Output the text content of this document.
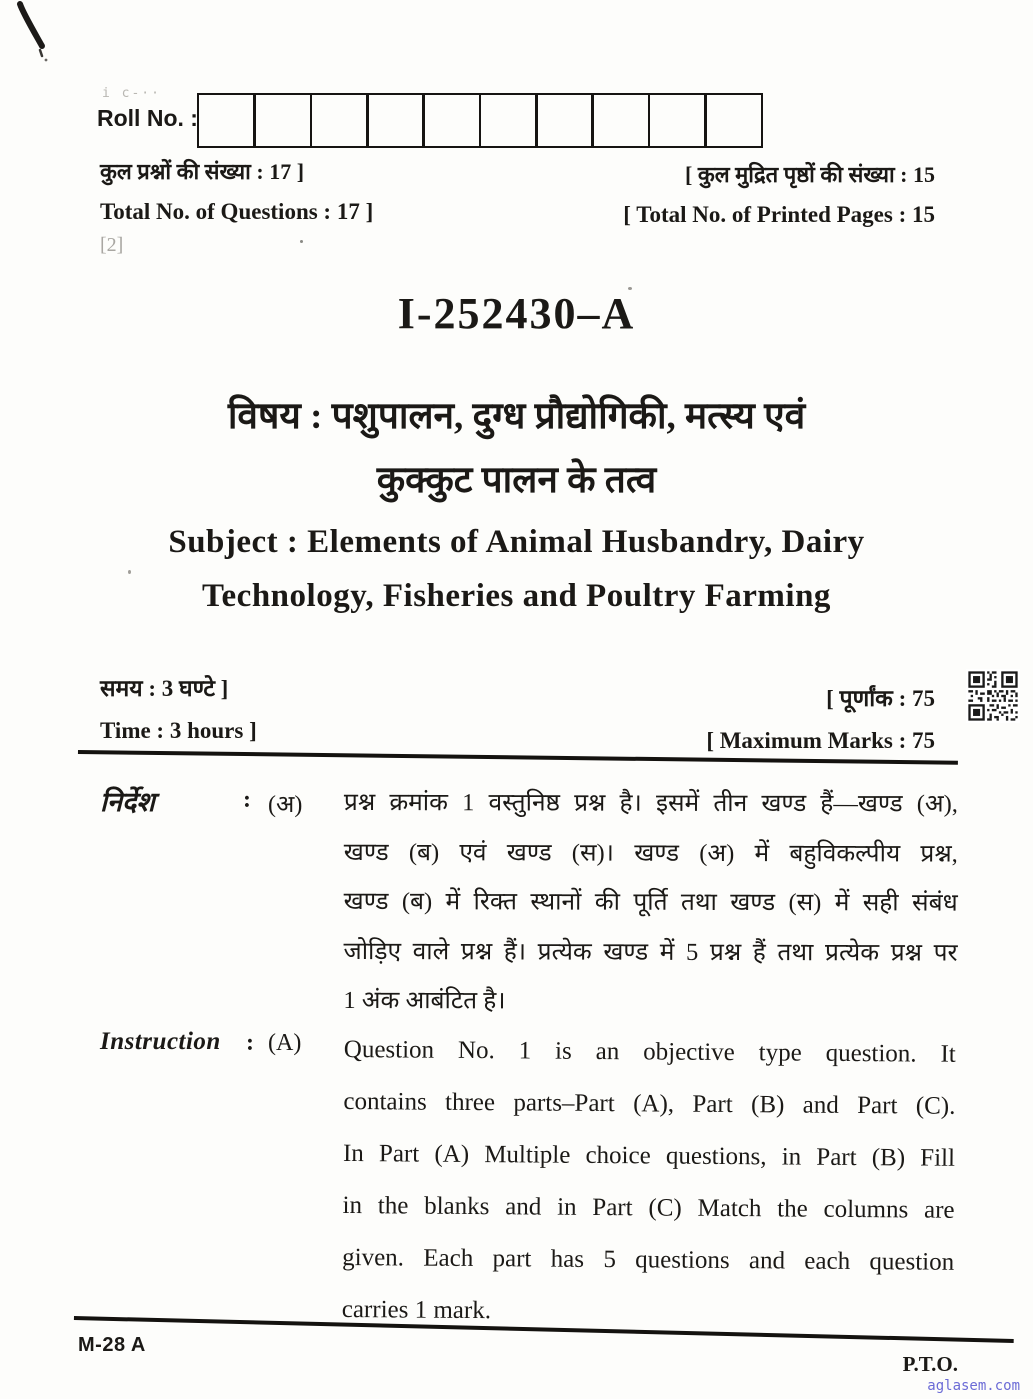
i c-··
Roll No. :
कुल प्रश्नों की संख्या : 17 ]
Total No. of Questions : 17 ]
[2]
[ कुल मुद्रित पृष्ठों की संख्या : 15
[ Total No. of Printed Pages : 15
I-252430–A
विषय : पशुपालन, दुग्ध प्रौद्योगिकी, मत्स्य एवं
कुक्कुट पालन के तत्व
Subject : Elements of Animal Husbandry, Dairy
Technology, Fisheries and Poultry Farming
समय : 3 घण्टे ]
Time : 3 hours ]
[ पूर्णांक : 75
[ Maximum Marks : 75
निर्देश	: (अ) प्रश्न क्रमांक 1 वस्तुनिष्ठ प्रश्न है। इसमें तीन खण्ड हैं—खण्ड (अ),
खण्ड (ब) एवं खण्ड (स)। खण्ड (अ) में बहुविकल्पीय प्रश्न,
खण्ड (ब) में रिक्त स्थानों की पूर्ति तथा खण्ड (स) में सही संबंध
जोड़िए वाले प्रश्न हैं। प्रत्येक खण्ड में 5 प्रश्न हैं तथा प्रत्येक प्रश्न पर
1 अंक आबंटित है।
Instruction : (A) Question No. 1 is an objective type question. It
contains three parts–Part (A), Part (B) and Part (C).
In Part (A) Multiple choice questions, in Part (B) Fill
in the blanks and in Part (C) Match the columns are
given. Each part has 5 questions and each question
carries 1 mark.
M-28 A
P.T.O.
aglasem.com
